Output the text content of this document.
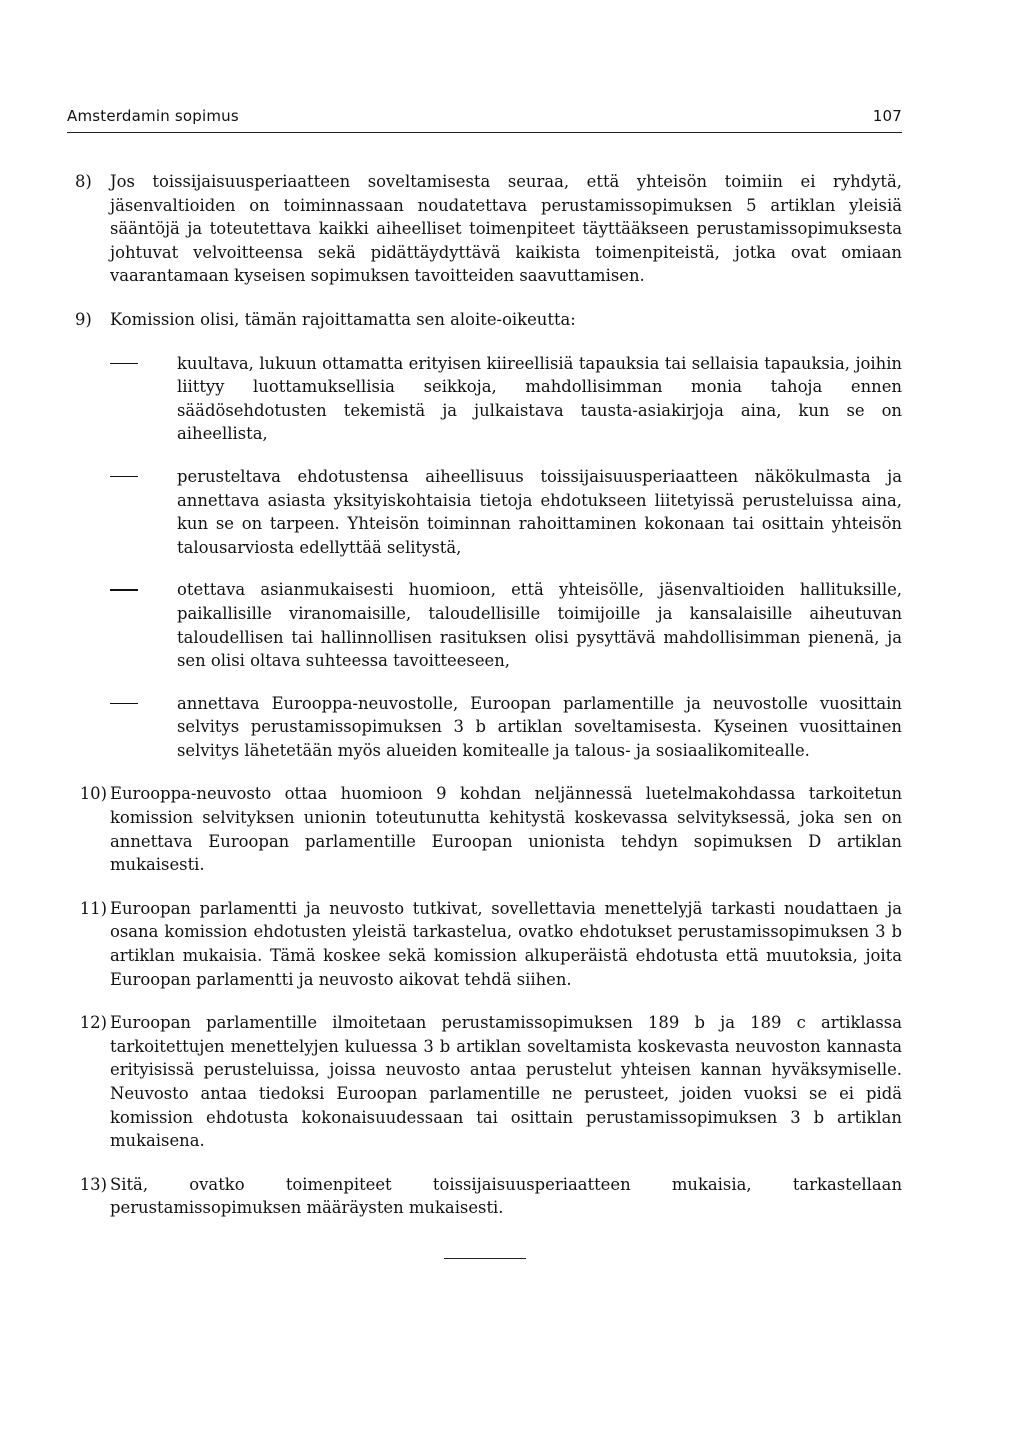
Amsterdamin sopimus	107
8)	Jos toissijaisuusperiaatteen soveltamisesta seuraa, että yhteisön toimiin ei ryhdytä, jäsenvaltioiden on toiminnassaan noudatettava perustamissopimuksen 5 artiklan yleisiä sääntöjä ja toteutettava kaikki aiheelliset toimenpiteet täyttääkseen perustamissopimuksesta johtuvat velvoitteensa sekä pidättäydyttävä kaikista toimenpiteistä, jotka ovat omiaan vaarantamaan kyseisen sopimuksen tavoitteiden saavuttamisen.
9)	Komission olisi, tämän rajoittamatta sen aloite-oikeutta:
kuultava, lukuun ottamatta erityisen kiireellisiä tapauksia tai sellaisia tapauksia, joihin liittyy luottamuksellisia seikkoja, mahdollisimman monia tahoja ennen säädösehdotusten tekemistä ja julkaistava tausta-asiakirjoja aina, kun se on aiheellista,
perusteltava ehdotustensa aiheellisuus toissijaisuusperiaatteen näkökulmasta ja annettava asiasta yksityiskohtaisia tietoja ehdotukseen liitetyissä perusteluissa aina, kun se on tarpeen. Yhteisön toiminnan rahoittaminen kokonaan tai osittain yhteisön talousarviosta edellyttää selitystä,
otettava asianmukaisesti huomioon, että yhteisölle, jäsenvaltioiden hallituksille, paikallisille viranomaisille, taloudellisille toimijoille ja kansalaisille aiheutuvan taloudellisen tai hallinnollisen rasituksen olisi pysyttävä mahdollisimman pienenä, ja sen olisi oltava suhteessa tavoitteeseen,
annettava Eurooppa-neuvostolle, Euroopan parlamentille ja neuvostolle vuosittain selvitys perustamissopimuksen 3 b artiklan soveltamisesta. Kyseinen vuosittainen selvitys lähetetään myös alueiden komitealle ja talous- ja sosiaalikomitealle.
10) Eurooppa-neuvosto ottaa huomioon 9 kohdan neljännessä luetelmakohdassa tarkoitetun komission selvityksen unionin toteutunutta kehitystä koskevassa selvityksessä, joka sen on annettava Euroopan parlamentille Euroopan unionista tehdyn sopimuksen D artiklan mukaisesti.
11) Euroopan parlamentti ja neuvosto tutkivat, sovellettavia menettelyjä tarkasti noudattaen ja osana komission ehdotusten yleistä tarkastelua, ovatko ehdotukset perustamissopimuksen 3 b artiklan mukaisia. Tämä koskee sekä komission alkuperäistä ehdotusta että muutoksia, joita Euroopan parlamentti ja neuvosto aikovat tehdä siihen.
12) Euroopan parlamentille ilmoitetaan perustamissopimuksen 189 b ja 189 c artiklassa tarkoitettujen menettelyjen kuluessa 3 b artiklan soveltamista koskevasta neuvoston kannasta erityisissä perusteluissa, joissa neuvosto antaa perustelut yhteisen kannan hyväksymiselle. Neuvosto antaa tiedoksi Euroopan parlamentille ne perusteet, joiden vuoksi se ei pidä komission ehdotusta kokonaisuudessaan tai osittain perustamissopimuksen 3 b artiklan mukaisena.
13) Sitä, ovatko toimenpiteet toissijaisuusperiaatteen mukaisia, tarkastellaan perustamissopimuksen määräysten mukaisesti.
